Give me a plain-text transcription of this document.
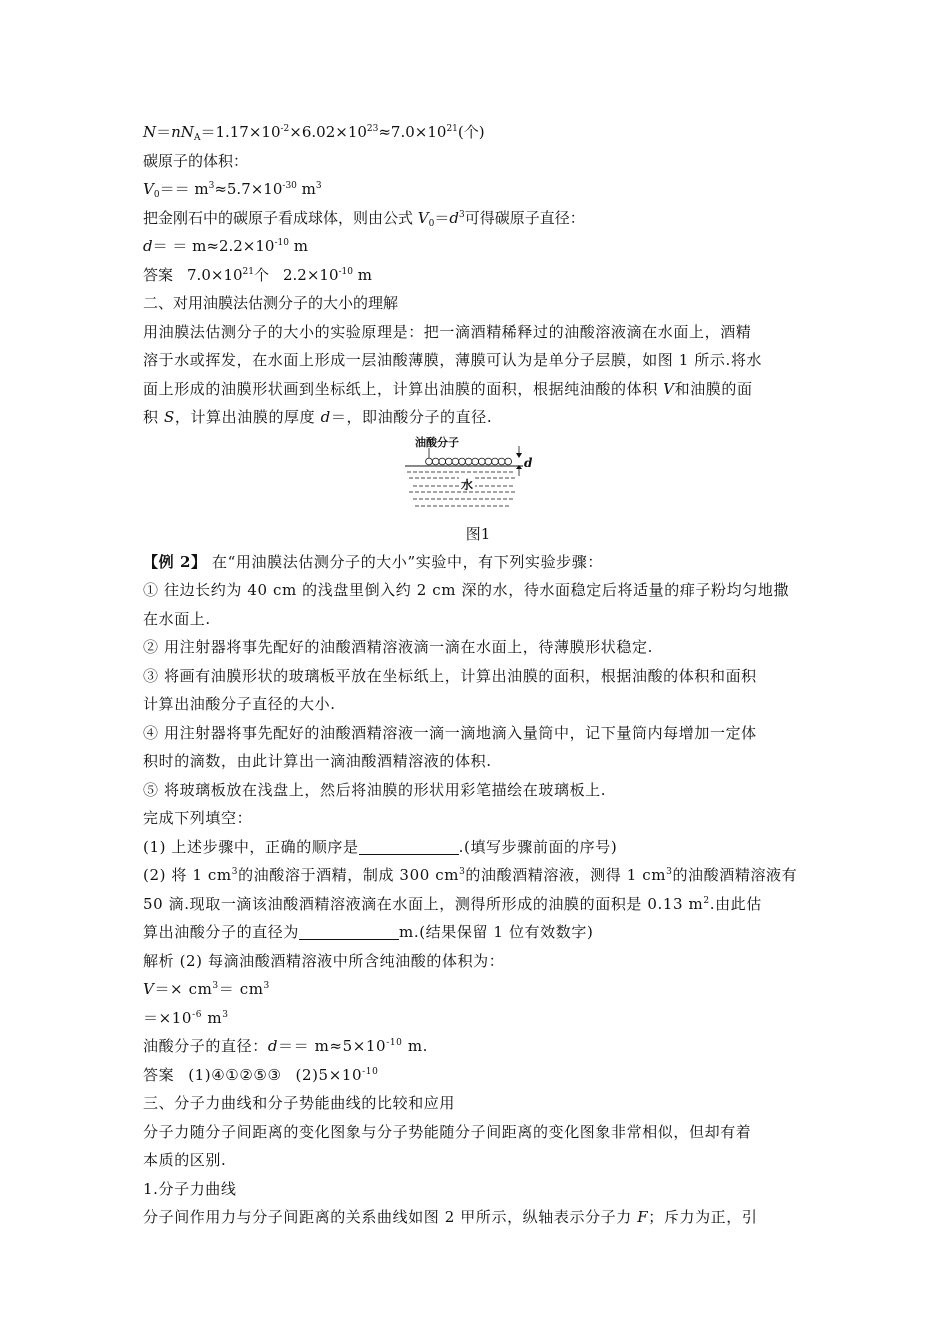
$N=nN_A=1.17\times 10^{-2}\times 6.02\times 10^{23}\approx 7.0\times 10^{21}$(个)
碳原子的体积：
$V_0== m^3\approx 5.7\times 10^{-30}$ $m^3$
把金刚石中的碳原子看成球体，则由公式 $V_0=d^3$可得碳原子直径：
$d= = m\approx 2.2\times 10^{-10}$ m
答案 $7.0\times 10^{21}$个 $2.2\times 10^{-10}$ m
二、对用油膜法估测分子的大小的理解
用油膜法估测分子的大小的实验原理是：把一滴酒精稀释过的油酸溶液滴在水面上，酒精
溶于水或挥发，在水面上形成一层油酸薄膜，薄膜可认为是单分子层膜，如图 1 所示.将水
面上形成的油膜形状画到坐标纸上，计算出油膜的面积，根据纯油酸的体积 V和油膜的面
积 S，计算出油膜的厚度 d＝，即油酸分子的直径.
油酸分子
d
水
图1
【例 2】 在“用油膜法估测分子的大小”实验中，有下列实验步骤：
① 往边长约为 40 cm 的浅盘里倒入约 2 cm 深的水，待水面稳定后将适量的痱子粉均匀地撒
在水面上.
② 用注射器将事先配好的油酸酒精溶液滴一滴在水面上，待薄膜形状稳定.
③ 将画有油膜形状的玻璃板平放在坐标纸上，计算出油膜的面积，根据油酸的体积和面积
计算出油酸分子直径的大小.
④ 用注射器将事先配好的油酸酒精溶液一滴一滴地滴入量筒中，记下量筒内每增加一定体
积时的滴数，由此计算出一滴油酸酒精溶液的体积.
⑤ 将玻璃板放在浅盘上，然后将油膜的形状用彩笔描绘在玻璃板上.
完成下列填空：
(1) 上述步骤中，正确的顺序是	.(填写步骤前面的序号)
(2) 将 1 $cm^3$的油酸溶于酒精，制成 300 $cm^3$的油酸酒精溶液，测得 1 $cm^3$的油酸酒精溶液有
50 滴.现取一滴该油酸酒精溶液滴在水面上，测得所形成的油膜的面积是 0.13 $m^2$.由此估
算出油酸分子的直径为	m.(结果保留 1 位有效数字)
解析 (2) 每滴油酸酒精溶液中所含纯油酸的体积为：
$V=\times cm^3= cm^3$
$=\times 10^{-6}$ $m^3$
油酸分子的直径：$d== m\approx 5\times 10^{-10}$ m.
答案 (1)④①②⑤③ $(2)5\times 10^{-10}$
三、分子力曲线和分子势能曲线的比较和应用
分子力随分子间距离的变化图象与分子势能随分子间距离的变化图象非常相似，但却有着
本质的区别.
1.分子力曲线
分子间作用力与分子间距离的关系曲线如图 2 甲所示，纵轴表示分子力 F；斥力为正，引
